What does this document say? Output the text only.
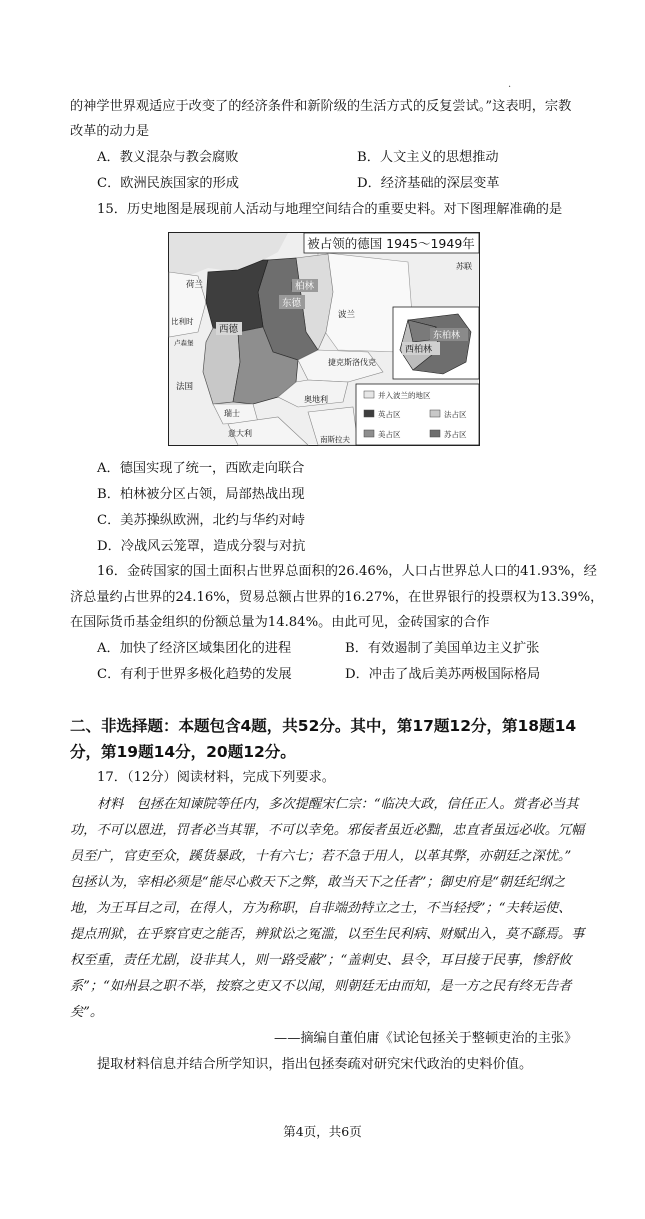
·
的神学世界观适应于改变了的经济条件和新阶级的生活方式的反复尝试。”这表明，宗教
改革的动力是
A．教义混杂与教会腐败	B．人文主义的思想推动
C．欧洲民族国家的形成	D．经济基础的深层变革
15．历史地图是展现前人活动与地理空间结合的重要史料。对下图理解准确的是
被占领的德国 1945～1949年
并入波兰的地区
英占区	法占区
美占区	苏占区
苏联
荷兰	柏林
东德
波兰
西德
比利时
卢森堡
捷克斯洛伐克
法国
奥地利
瑞士
意大利
南斯拉夫
东柏林
西柏林
A．德国实现了统一，西欧走向联合
B．柏林被分区占领，局部热战出现
C．美苏操纵欧洲，北约与华约对峙
D．冷战风云笼罩，造成分裂与对抗
16．金砖国家的国土面积占世界总面积的26.46%，人口占世界总人口的41.93%，经
济总量约占世界的24.16%，贸易总额占世界的16.27%，在世界银行的投票权为13.39%，
在国际货币基金组织的份额总量为14.84%。由此可见，金砖国家的合作
A．加快了经济区域集团化的进程	B．有效遏制了美国单边主义扩张
C．有利于世界多极化趋势的发展	D．冲击了战后美苏两极国际格局
二、非选择题：本题包含4题，共52分。其中，第17题12分，第18题14
分，第19题14分，20题12分。
17．（12分）阅读材料，完成下列要求。
材料　包拯在知谏院等任内，多次提醒宋仁宗：“临决大政，信任正人。赏者必当其
功，不可以恩进，罚者必当其罪，不可以幸免。邪佞者虽近必黜，忠直者虽远必收。冗幅
员至广，官吏至众，蹊货暴政，十有六七；若不急于用人，以革其弊，亦朝廷之深忧。”
包拯认为，宰相必须是“能尽心救天下之弊，敢当天下之任者”；御史府是“朝廷纪纲之
地，为王耳目之司，在得人，方为称职，自非端劲特立之士，不当轻授”；“夫转运使、
提点刑狱，在乎察官吏之能否，辨狱讼之冤滥，以至生民利病、财赋出入，莫不繇焉。事
权至重，责任尤剧，设非其人，则一路受蔽”；“盖刺史、县令，耳目接于民事，惨舒攸
系”；“如州县之职不举，按察之吏又不以闻，则朝廷无由而知，是一方之民有终无告者
矣”。
——摘编自董伯庸《试论包拯关于整顿吏治的主张》
提取材料信息并结合所学知识，指出包拯奏疏对研究宋代政治的史料价值。
第4页，共6页
